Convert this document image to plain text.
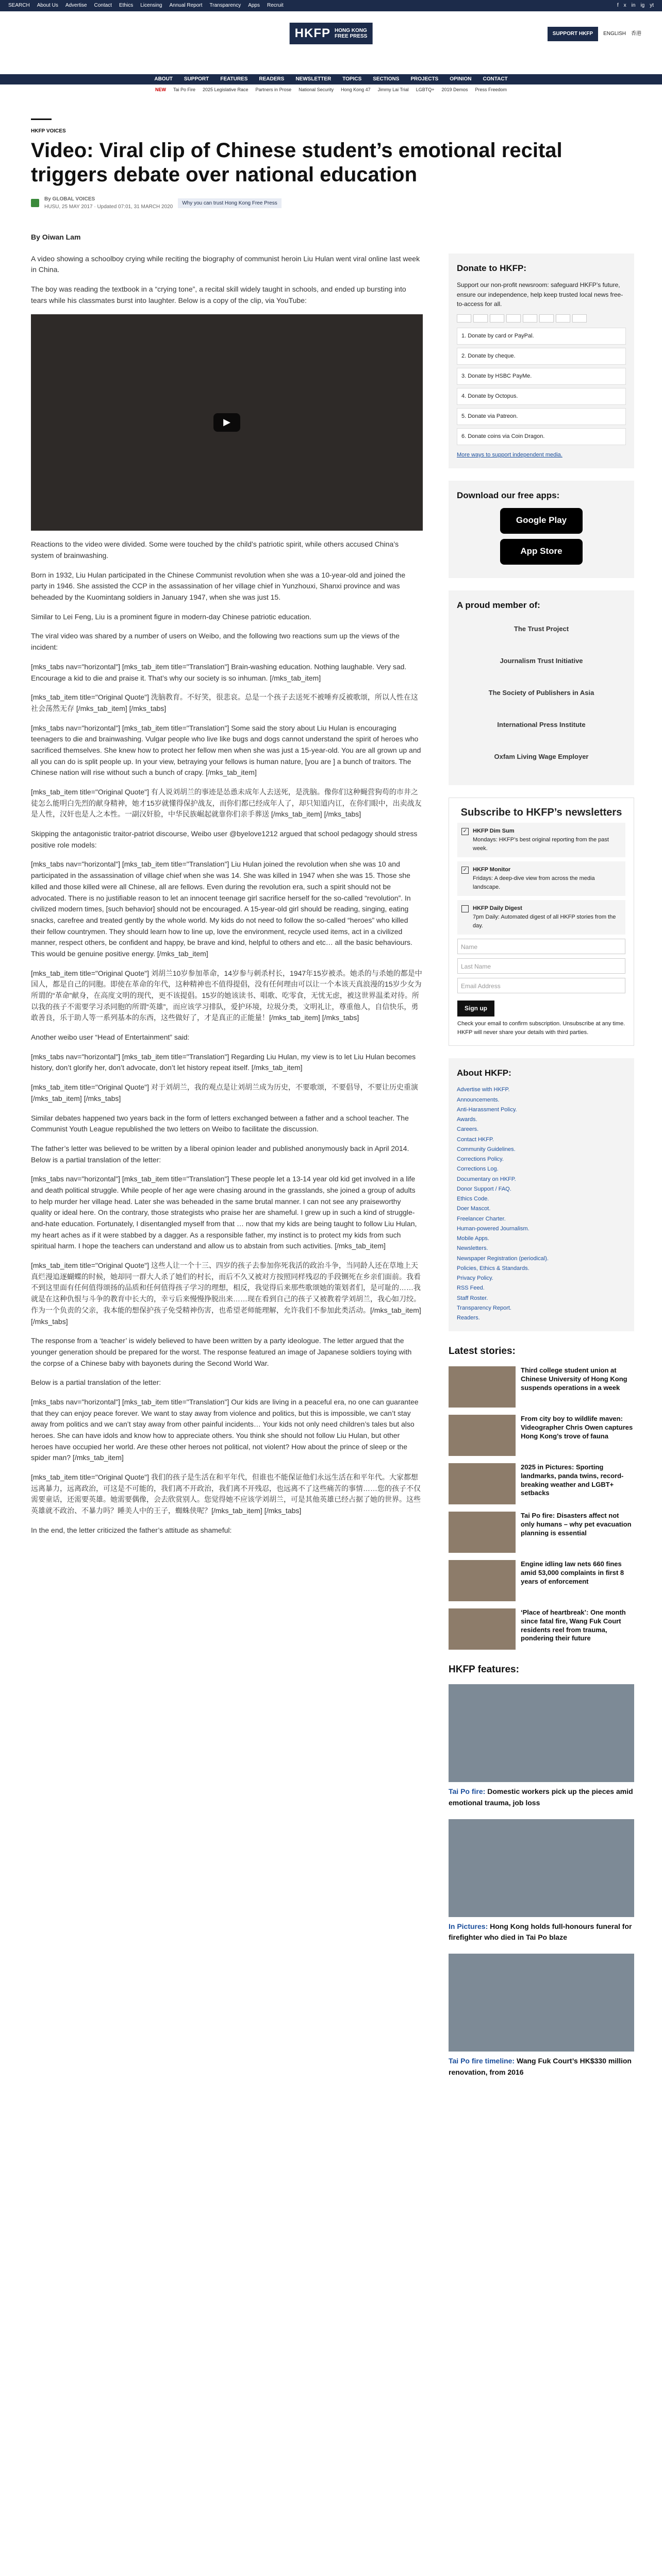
SEARCH About Us Advertise Contact Ethics Licensing Annual Report Transparency Apps Recruit	f x in ig yt
HKFP HONG KONG
FREE PRESS	SUPPORT HKFP	ENGLISH 香港
ABOUT SUPPORT FEATURES READERS NEWSLETTER TOPICS SECTIONS PROJECTS OPINION CONTACT
NEW Tai Po Fire 2025 Legislative Race Partners in Prose National Security Hong Kong 47 Jimmy Lai Trial LGBTQ+ 2019 Demos Press Freedom
HKFP VOICES
Video: Viral clip of Chinese student’s emotional recital triggers debate over national education
By GLOBAL VOICES
HUSU, 25 MAY 2017 · Updated 07:01, 31 MARCH 2020
Why you can trust Hong Kong Free Press
By Oiwan Lam

A video showing a schoolboy crying while reciting the biography of communist heroin Liu Hulan went viral online last week in China.

The boy was reading the textbook in a “crying tone”, a recital skill widely taught in schools, and ended up bursting into tears while his classmates burst into laughter. Below is a copy of the clip, via YouTube:

▶

Reactions to the video were divided. Some were touched by the child’s patriotic spirit, while others accused China’s system of brainwashing.

Born in 1932, Liu Hulan participated in the Chinese Communist revolution when she was a 10-year-old and joined the party in 1946. She assisted the CCP in the assassination of her village chief in Yunzhouxi, Shanxi province and was beheaded by the Kuomintang soldiers in January 1947, when she was just 15.

Similar to Lei Feng, Liu is a prominent figure in modern-day Chinese patriotic education.

The viral video was shared by a number of users on Weibo, and the following two reactions sum up the views of the incident:

[mks_tabs nav="horizontal"] [mks_tab_item title="Translation"] Brain-washing education. Nothing laughable. Very sad. Encourage a kid to die and praise it. That’s why our society is so inhuman. [/mks_tab_item]

[mks_tab_item title="Original Quote"] 洗脑教育。不好笑，很悲哀。总是一个孩子去送死不被唾弃反被歌颂，所以人性在这社会荡然无存 [/mks_tab_item] [/mks_tabs]

[mks_tabs nav="horizontal"] [mks_tab_item title="Translation"] Some said the story about Liu Hulan is encouraging teenagers to die and brainwashing. Vulgar people who live like bugs and dogs cannot understand the spirit of heroes who sacrificed themselves. She knew how to protect her fellow men when she was just a 15-year-old. You are all grown up and all you can do is split people up. In your view, betraying your fellows is human nature, [you are ] a bunch of traitors. The Chinese nation will rise without such a bunch of crapy. [/mks_tab_item]

[mks_tab_item title="Original Quote"] 有人说刘胡兰的事迹是怂恿未成年人去送死，是洗脑。像你们这种蝇营狗苟的市井之徒怎么能明白先烈的献身精神，她才15岁就懂得保护战友，而你们都已经成年人了，却只知道内讧，在你们眼中，出卖战友是人性，汉奸也是人之本性。一副汉奸脸，中华民族崛起就靠你们亲手葬送 [/mks_tab_item] [/mks_tabs]

Skipping the antagonistic traitor-patriot discourse, Weibo user @byelove1212 argued that school pedagogy should stress positive role models:

[mks_tabs nav="horizontal"] [mks_tab_item title="Translation"] Liu Hulan joined the revolution when she was 10 and participated in the assassination of village chief when she was 14. She was killed in 1947 when she was 15. Those she killed and those killed were all Chinese, all are fellows. Even during the revolution era, such a spirit should not be advocated. There is no justifiable reason to let an innocent teenage girl sacrifice herself for the so-called “revolution”. In civilized modern times, [such behavior] should not be encouraged. A 15-year-old girl should be reading, singing, eating snacks, carefree and treated gently by the whole world. My kids do not need to follow the so-called “heroes” who killed their fellow countrymen. They should learn how to line up, love the environment, recycle used items, act in a civilized manner, respect others, be confident and happy, be brave and kind, helpful to others and etc… all the basic behaviours. This would be genuine positive energy. [/mks_tab_item]

[mks_tab_item title="Original Quote"] 刘胡兰10岁参加革命，14岁参与刺杀村长，1947年15岁被杀。她杀的与杀她的都是中国人，都是自己的同胞。即使在革命的年代，这种精神也不值得提倡，没有任何理由可以让一个本该天真浪漫的15岁少女为所谓的“革命”献身，在高度文明的现代，更不该提倡。15岁的她该读书、唱歌、吃零食，无忧无虑，被这世界温柔对待。所以我的孩子不需要学习杀同胞的所谓“英雄”，而应该学习排队，爱护环境，垃圾分类，文明礼让，尊重他人，自信快乐，勇敢善良，乐于助人等一系列基本的东西，这些做好了，才是真正的正能量！[/mks_tab_item] [/mks_tabs]

Another weibo user “Head of Entertainment” said:

[mks_tabs nav="horizontal"] [mks_tab_item title="Translation"] Regarding Liu Hulan, my view is to let Liu Hulan becomes history, don’t glorify her, don’t advocate, don’t let history repeat itself. [/mks_tab_item]

[mks_tab_item title="Original Quote"] 对于刘胡兰，我的观点是让刘胡兰成为历史，不要歌颂，不要倡导，不要让历史重演 [/mks_tab_item] [/mks_tabs]

Similar debates happened two years back in the form of letters exchanged between a father and a school teacher. The Communist Youth League republished the two letters on Weibo to facilitate the discussion.

The father’s letter was believed to be written by a liberal opinion leader and published anonymously back in April 2014. Below is a partial translation of the letter:

[mks_tabs nav="horizontal"] [mks_tab_item title="Translation"] These people let a 13-14 year old kid get involved in a life and death political struggle. While people of her age were chasing around in the grasslands, she joined a group of adults to help murder her village head. Later she was beheaded in the same brutal manner. I can not see any praiseworthy quality or ideal here. On the contrary, those strategists who praise her are shameful. I grew up in such a kind of struggle-and-hate education. Fortunately, I disentangled myself from that … now that my kids are being taught to follow Liu Hulan, my heart aches as if it were stabbed by a dagger. As a responsible father, my instinct is to protect my kids from such spiritual harm. I hope the teachers can understand and allow us to abstain from such activities. [/mks_tab_item]

[mks_tab_item title="Original Quote"] 这些人让一个十三、四岁的孩子去参加你死我活的政治斗争，当同龄人还在草地上天真烂漫追逐蝴蝶的时候，她却同一群大人杀了她们的村长，而后不久又被对方按照同样残忍的手段铡死在乡亲们面前。我看不到这里面有任何值得颂扬的品质和任何值得孩子学习的理想，相反，我觉得后来那些歌颂她的策划者们，是可耻的……我就是在这种仇恨与斗争的教育中长大的，幸亏后来慢慢挣脱出来……现在看到自己的孩子又被教着学刘胡兰，我心如刀绞。作为一个负责的父亲，我本能的想保护孩子免受精神伤害，也希望老师能理解，允许我们不参加此类活动。[/mks_tab_item] [/mks_tabs]

The response from a ‘teacher’ is widely believed to have been written by a party ideologue. The letter argued that the younger generation should be prepared for the worst. The response featured an image of Japanese soldiers toying with the corpse of a Chinese baby with bayonets during the Second World War.

Below is a partial translation of the letter:

[mks_tabs nav="horizontal"] [mks_tab_item title="Translation"] Our kids are living in a peaceful era, no one can guarantee that they can enjoy peace forever. We want to stay away from violence and politics, but this is impossible, we can’t stay away from politics and we can’t stay away from other painful incidents… Your kids not only need children’s tales but also heroes. She can have idols and know how to appreciate others. You think she should not follow Liu Hulan, but other heroes have occupied her world. Are these other heroes not political, not violent? How about the prince of sleep or the spider man? [/mks_tab_item]

[mks_tab_item title="Original Quote"] 我们的孩子是生活在和平年代，但谁也不能保证他们永远生活在和平年代。大家都想远离暴力，远离政治，可这是不可能的，我们离不开政治，我们离不开残忍，也远离不了这些痛苦的事情……您的孩子不仅需要童话，还需要英雄。她需要偶像，会去欣赏别人。您觉得她不应该学刘胡兰，可是其他英雄已经占据了她的世界。这些英雄就不政治、不暴力吗？睡美人中的王子，蜘蛛侠呢？[/mks_tab_item] [/mks_tabs]

In the end, the letter criticized the father’s attitude as shameful:

Donate to HKFP:

Support our non-profit newsroom: safeguard HKFP’s future, ensure our independence, help keep trusted local news free-to-access for all.

1. Donate by card or PayPal.
2. Donate by cheque.
3. Donate by HSBC PayMe.
4. Donate by Octopus.
5. Donate via Patreon.
6. Donate coins via Coin Dragon.
More ways to support independent media.
Download our free apps:
Google Play
App Store
A proud member of:
The Trust Project
Journalism Trust Initiative
The Society of Publishers in Asia
International Press Institute
Oxfam Living Wage Employer
Subscribe to HKFP’s newsletters
✓ HKFP Dim Sum
Mondays: HKFP’s best original reporting from the past week.
✓ HKFP Monitor
Fridays: A deep-dive view from across the media landscape.
HKFP Daily Digest
7pm Daily: Automated digest of all HKFP stories from the day.
Name
Last Name
Email Address
Sign up

Check your email to confirm subscription. Unsubscribe at any time. HKFP will never share your details with third parties.

About HKFP:
Advertise with HKFP.
Announcements.
Anti-Harassment Policy.
Awards.
Careers.
Contact HKFP.
Community Guidelines.
Corrections Policy.
Corrections Log.
Documentary on HKFP.
Donor Support / FAQ.
Ethics Code.
Doer Mascot.
Freelancer Charter.
Human-powered Journalism.
Mobile Apps.
Newsletters.
Newspaper Registration (periodical).
Policies, Ethics & Standards.
Privacy Policy.
RSS Feed.
Staff Roster.
Transparency Report.
Readers.
Latest stories:
Third college student union at Chinese University of Hong Kong suspends operations in a week
From city boy to wildlife maven: Videographer Chris Owen captures Hong Kong’s trove of fauna
2025 in Pictures: Sporting landmarks, panda twins, record-breaking weather and LGBT+ setbacks
Tai Po fire: Disasters affect not only humans – why pet evacuation planning is essential
Engine idling law nets 660 fines amid 53,000 complaints in first 8 years of enforcement
‘Place of heartbreak’: One month since fatal fire, Wang Fuk Court residents reel from trauma, pondering their future
HKFP features:
Tai Po fire: Domestic workers pick up the pieces amid emotional trauma, job loss
In Pictures: Hong Kong holds full-honours funeral for firefighter who died in Tai Po blaze
Tai Po fire timeline: Wang Fuk Court’s HK$330 million renovation, from 2016
